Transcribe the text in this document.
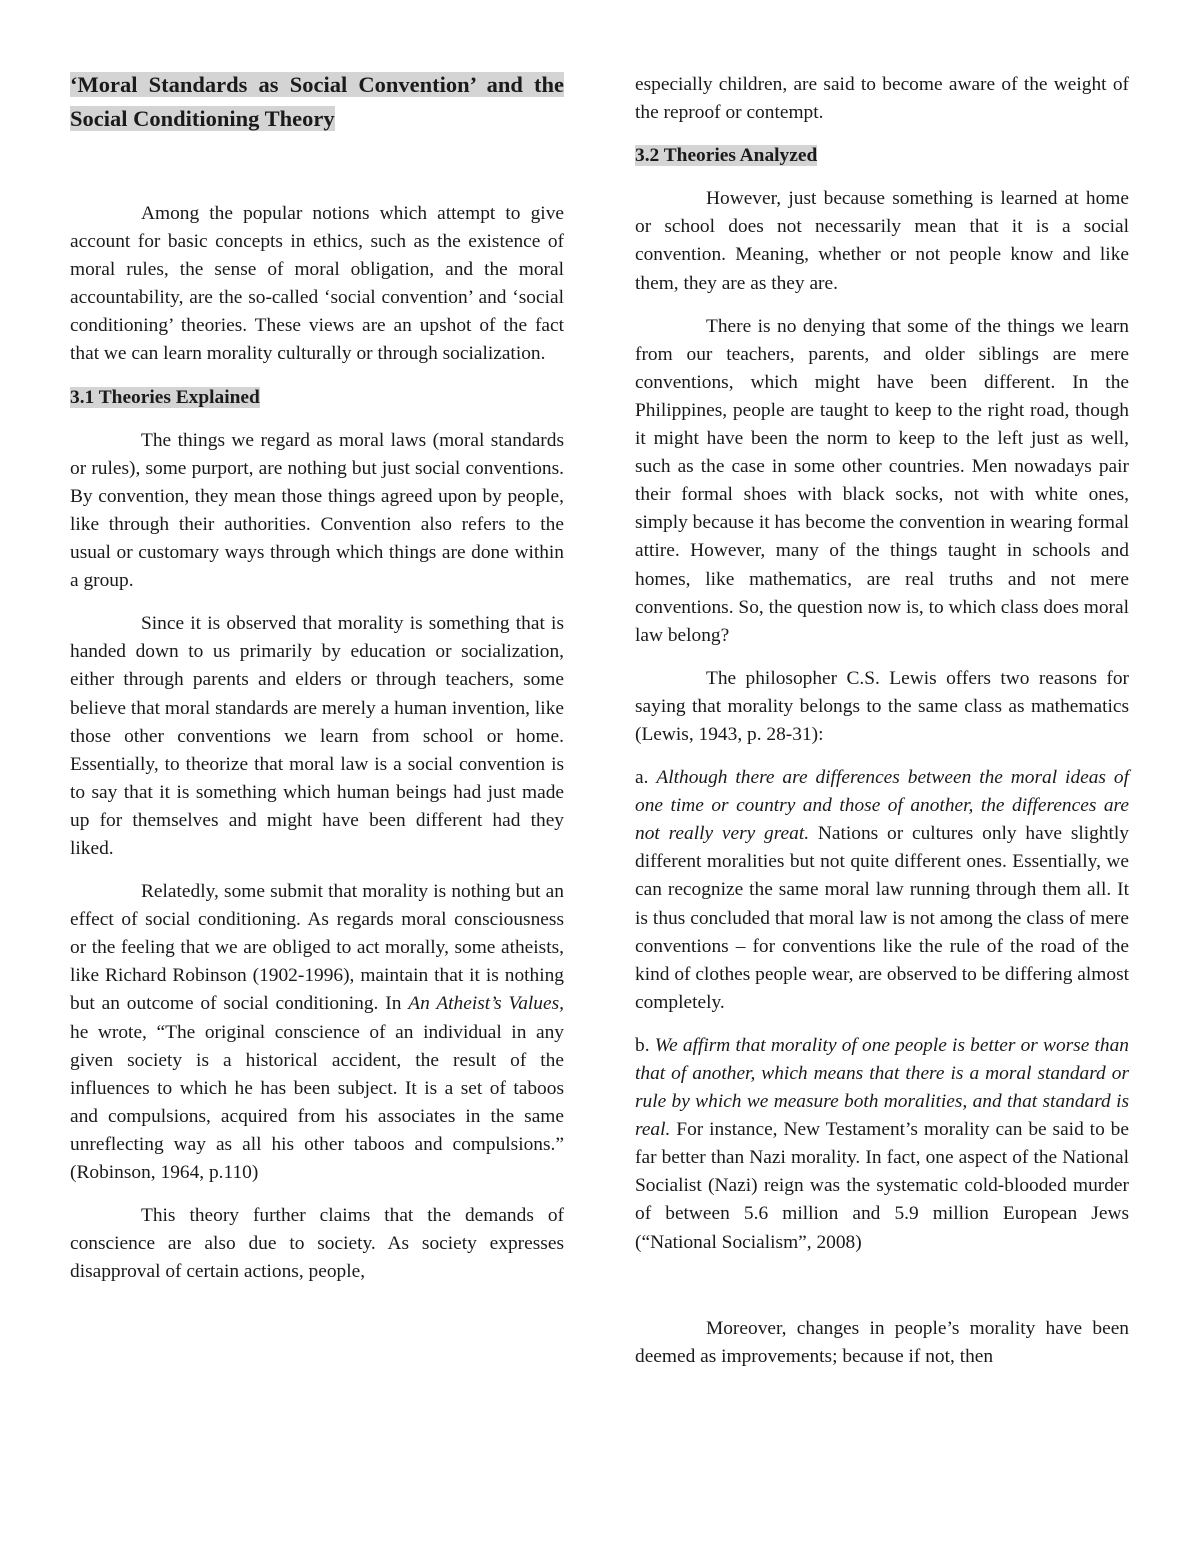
‘Moral Standards as Social Convention’ and the Social Conditioning Theory

Among the popular notions which attempt to give account for basic concepts in ethics, such as the existence of moral rules, the sense of moral obligation, and the moral accountability, are the so-called ‘social convention’ and ‘social conditioning’ theories. These views are an upshot of the fact that we can learn morality culturally or through socialization.

3.1 Theories Explained

The things we regard as moral laws (moral standards or rules), some purport, are nothing but just social conventions. By convention, they mean those things agreed upon by people, like through their authorities. Convention also refers to the usual or customary ways through which things are done within a group.

Since it is observed that morality is something that is handed down to us primarily by education or socialization, either through parents and elders or through teachers, some believe that moral standards are merely a human invention, like those other conventions we learn from school or home. Essentially, to theorize that moral law is a social convention is to say that it is something which human beings had just made up for themselves and might have been different had they liked.

Relatedly, some submit that morality is nothing but an effect of social conditioning. As regards moral consciousness or the feeling that we are obliged to act morally, some atheists, like Richard Robinson (1902-1996), maintain that it is nothing but an outcome of social conditioning. In An Atheist’s Values, he wrote, “The original conscience of an individual in any given society is a historical accident, the result of the influences to which he has been subject. It is a set of taboos and compulsions, acquired from his associates in the same unreflecting way as all his other taboos and compulsions.” (Robinson, 1964, p.110)

This theory further claims that the demands of conscience are also due to society. As society expresses disapproval of certain actions, people,

especially children, are said to become aware of the weight of the reproof or contempt.

3.2 Theories Analyzed

However, just because something is learned at home or school does not necessarily mean that it is a social convention. Meaning, whether or not people know and like them, they are as they are.

There is no denying that some of the things we learn from our teachers, parents, and older siblings are mere conventions, which might have been different. In the Philippines, people are taught to keep to the right road, though it might have been the norm to keep to the left just as well, such as the case in some other countries. Men nowadays pair their formal shoes with black socks, not with white ones, simply because it has become the convention in wearing formal attire. However, many of the things taught in schools and homes, like mathematics, are real truths and not mere conventions. So, the question now is, to which class does moral law belong?

The philosopher C.S. Lewis offers two reasons for saying that morality belongs to the same class as mathematics (Lewis, 1943, p. 28-31):

a. Although there are differences between the moral ideas of one time or country and those of another, the differences are not really very great. Nations or cultures only have slightly different moralities but not quite different ones. Essentially, we can recognize the same moral law running through them all. It is thus concluded that moral law is not among the class of mere conventions – for conventions like the rule of the road of the kind of clothes people wear, are observed to be differing almost completely.

b. We affirm that morality of one people is better or worse than that of another, which means that there is a moral standard or rule by which we measure both moralities, and that standard is real. For instance, New Testament’s morality can be said to be far better than Nazi morality. In fact, one aspect of the National Socialist (Nazi) reign was the systematic cold-blooded murder of between 5.6 million and 5.9 million European Jews (“National Socialism”, 2008)

Moreover, changes in people’s morality have been deemed as improvements; because if not, then
